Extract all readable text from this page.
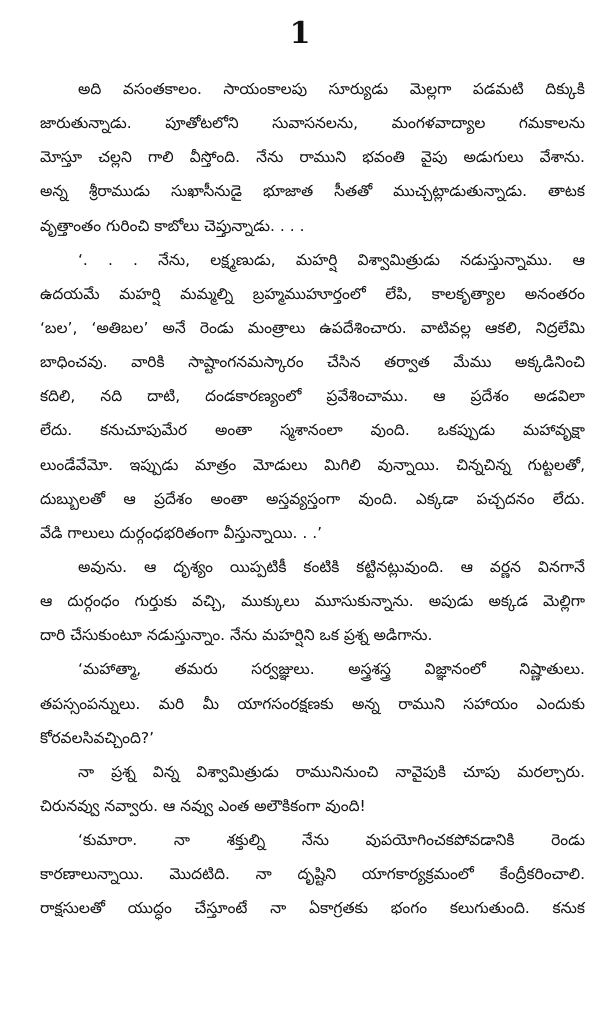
1
అది వసంతకాలం. సాయంకాలపు సూర్యుడు మెల్లగా పడమటి దిక్కుకి
జారుతున్నాడు. పూతోటలోని సువాసనలను, మంగళవాద్యాల గమకాలను
మోస్తూ చల్లని గాలి వీస్తోంది. నేను రాముని భవంతి వైపు అడుగులు వేశాను.
అన్న శ్రీరాముడు సుఖాసీనుడై భూజాత సీతతో ముచ్చట్లాడుతున్నాడు. తాటక
వృత్తాంతం గురించి కాబోలు చెప్తున్నాడు. . . .
‘. . . నేను, లక్ష్మణుడు, మహర్షి విశ్వామిత్రుడు నడుస్తున్నాము. ఆ
ఉదయమే మహర్షి మమ్మల్ని బ్రహ్మముహూర్తంలో లేపి, కాలకృత్యాల అనంతరం
‘బల’, ‘అతిబల’ అనే రెండు మంత్రాలు ఉపదేశించారు. వాటివల్ల ఆకలి, నిద్రలేమి
బాధించవు. వారికి సాష్టాంగనమస్కారం చేసిన తర్వాత మేము అక్కడినించి
కదిలి, నది దాటి, దండకారణ్యంలో ప్రవేశించాము. ఆ ప్రదేశం అడవిలా
లేదు. కనుచూపుమేర అంతా స్మశానంలా వుంది. ఒకప్పుడు మహావృక్షా
లుండేవేమో. ఇప్పుడు మాత్రం మోడులు మిగిలి వున్నాయి. చిన్నచిన్న గుట్టలతో,
దుబ్బులతో ఆ ప్రదేశం అంతా అస్తవ్యస్తంగా వుంది. ఎక్కడా పచ్చదనం లేదు.
వేడి గాలులు దుర్గంధభరితంగా వీస్తున్నాయి. . .’
అవును. ఆ దృశ్యం యిప్పటికీ కంటికి కట్టినట్లువుంది. ఆ వర్ణన వినగానే
ఆ దుర్గంధం గుర్తుకు వచ్చి, ముక్కులు మూసుకున్నాను. అపుడు అక్కడ మెల్లిగా
దారి చేసుకుంటూ నడుస్తున్నాం. నేను మహర్షిని ఒక ప్రశ్న అడిగాను.
‘మహాత్మా, తమరు సర్వజ్ఞులు. అస్త్రశస్త్ర విజ్ఞానంలో నిష్ణాతులు.
తపస్సంపన్నులు. మరి మీ యాగసంరక్షణకు అన్న రాముని సహాయం ఎందుకు
కోరవలసివచ్చింది?’
నా ప్రశ్న విన్న విశ్వామిత్రుడు రామునినుంచి నావైపుకి చూపు మరల్చారు.
చిరునవ్వు నవ్వారు. ఆ నవ్వు ఎంత అలౌకికంగా వుంది!
‘కుమారా. నా శక్తుల్ని నేను వుపయోగించకపోవడానికి రెండు
కారణాలున్నాయి. మొదటిది. నా దృష్టిని యాగకార్యక్రమంలో కేంద్రీకరించాలి.
రాక్షసులతో యుద్ధం చేస్తూంటే నా ఏకాగ్రతకు భంగం కలుగుతుంది. కనుక
